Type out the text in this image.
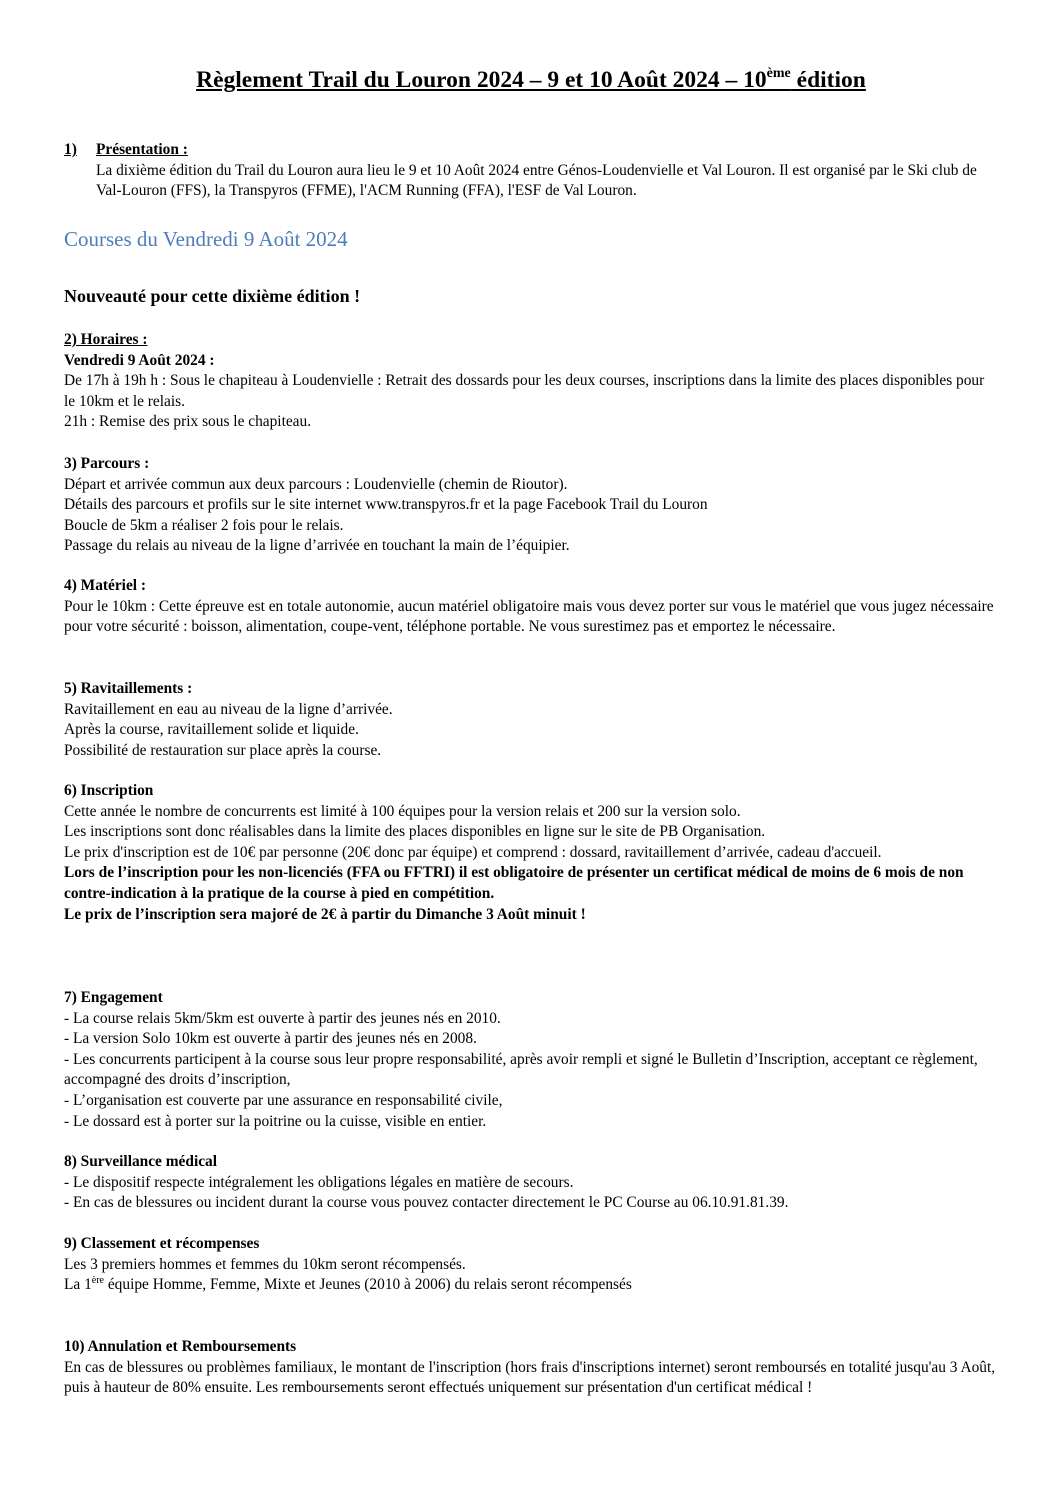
Règlement Trail du Louron 2024 – 9 et 10 Août 2024 – 10ème édition
1) Présentation :

La dixième édition du Trail du Louron aura lieu le 9 et 10 Août 2024 entre Génos-Loudenvielle et Val Louron. Il est organisé par le Ski club de Val-Louron (FFS), la Transpyros (FFME), l'ACM Running (FFA), l'ESF de Val Louron.

Courses du Vendredi 9 Août 2024
Nouveauté pour cette dixième édition !

2) Horaires :

Vendredi 9 Août 2024 :

De 17h à 19h h : Sous le chapiteau à Loudenvielle : Retrait des dossards pour les deux courses, inscriptions dans la limite des places disponibles pour le 10km et le relais.

21h : Remise des prix sous le chapiteau.

3) Parcours :

Départ et arrivée commun aux deux parcours : Loudenvielle (chemin de Rioutor).

Détails des parcours et profils sur le site internet www.transpyros.fr et la page Facebook Trail du Louron

Boucle de 5km a réaliser 2 fois pour le relais.

Passage du relais au niveau de la ligne d’arrivée en touchant la main de l’équipier.

4) Matériel :

Pour le 10km : Cette épreuve est en totale autonomie, aucun matériel obligatoire mais vous devez porter sur vous le matériel que vous jugez nécessaire pour votre sécurité : boisson, alimentation, coupe-vent, téléphone portable. Ne vous surestimez pas et emportez le nécessaire.

5) Ravitaillements :

Ravitaillement en eau au niveau de la ligne d’arrivée.

Après la course, ravitaillement solide et liquide.

Possibilité de restauration sur place après la course.

6) Inscription

Cette année le nombre de concurrents est limité à 100 équipes pour la version relais et 200 sur la version solo.

Les inscriptions sont donc réalisables dans la limite des places disponibles en ligne sur le site de PB Organisation.

Le prix d'inscription est de 10€ par personne (20€ donc par équipe) et comprend : dossard, ravitaillement d’arrivée, cadeau d'accueil.

Lors de l’inscription pour les non-licenciés (FFA ou FFTRI) il est obligatoire de présenter un certificat médical de moins de 6 mois de non contre-indication à la pratique de la course à pied en compétition.

Le prix de l’inscription sera majoré de 2€ à partir du Dimanche 3 Août minuit !

7) Engagement

- La course relais 5km/5km est ouverte à partir des jeunes nés en 2010.

- La version Solo 10km est ouverte à partir des jeunes nés en 2008.

- Les concurrents participent à la course sous leur propre responsabilité, après avoir rempli et signé le Bulletin d’Inscription, acceptant ce règlement, accompagné des droits d’inscription,

- L’organisation est couverte par une assurance en responsabilité civile,

- Le dossard est à porter sur la poitrine ou la cuisse, visible en entier.

8) Surveillance médical

- Le dispositif respecte intégralement les obligations légales en matière de secours.

- En cas de blessures ou incident durant la course vous pouvez contacter directement le PC Course au 06.10.91.81.39.

9) Classement et récompenses

Les 3 premiers hommes et femmes du 10km seront récompensés.

La 1ère équipe Homme, Femme, Mixte et Jeunes (2010 à 2006) du relais seront récompensés

10) Annulation et Remboursements

En cas de blessures ou problèmes familiaux, le montant de l'inscription (hors frais d'inscriptions internet) seront remboursés en totalité jusqu'au 3 Août, puis à hauteur de 80% ensuite. Les remboursements seront effectués uniquement sur présentation d'un certificat médical !
